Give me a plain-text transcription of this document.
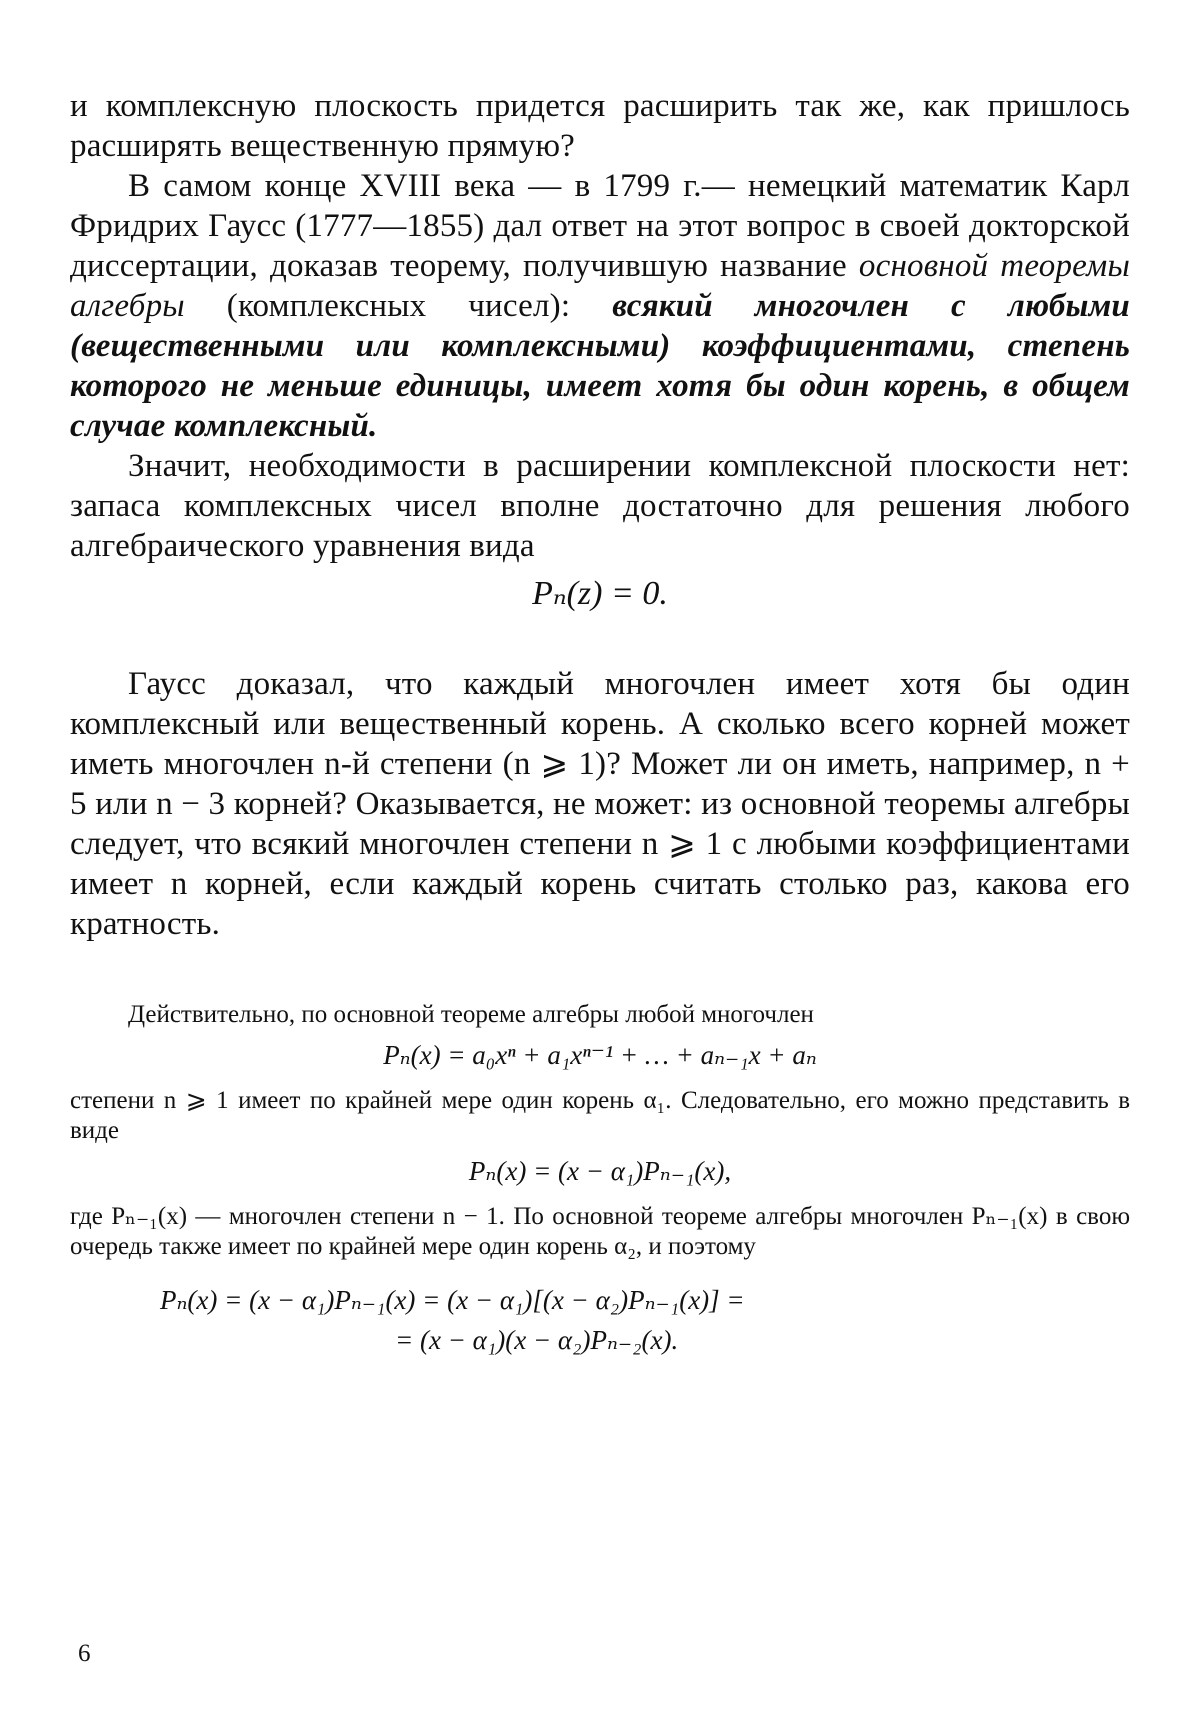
и комплексную плоскость придется расширить так же, как пришлось расширять вещественную прямую?

В самом конце XVIII века — в 1799 г.— немецкий математик Карл Фридрих Гаусс (1777—1855) дал ответ на этот вопрос в своей докторской диссертации, доказав теорему, получившую название основной теоремы алгебры (комплексных чисел): всякий многочлен с любыми (вещественными или комплексными) коэффициентами, степень которого не меньше единицы, имеет хотя бы один корень, в общем случае комплексный.

Значит, необходимости в расширении комплексной плоскости нет: запаса комплексных чисел вполне достаточно для решения любого алгебраического уравнения вида

Pₙ(z) = 0.

Гаусс доказал, что каждый многочлен имеет хотя бы один комплексный или вещественный корень. А сколько всего корней может иметь многочлен n-й степени (n ⩾ 1)? Может ли он иметь, например, n + 5 или n − 3 корней? Оказывается, не может: из основной теоремы алгебры следует, что всякий многочлен степени n ⩾ 1 с любыми коэффициентами имеет n корней, если каждый корень считать столько раз, какова его кратность.

Действительно, по основной теореме алгебры любой многочлен

Pₙ(x) = a₀xⁿ + a₁xⁿ⁻¹ + … + aₙ₋₁x + aₙ

степени n ⩾ 1 имеет по крайней мере один корень α₁. Следовательно, его можно представить в виде

Pₙ(x) = (x − α₁)Pₙ₋₁(x),

где Pₙ₋₁(x) — многочлен степени n − 1. По основной теореме алгебры многочлен Pₙ₋₁(x) в свою очередь также имеет по крайней мере один корень α₂, и поэтому

Pₙ(x) = (x − α₁)Pₙ₋₁(x) = (x − α₁)[(x − α₂)Pₙ₋₁(x)] =
= (x − α₁)(x − α₂)Pₙ₋₂(x).
6
